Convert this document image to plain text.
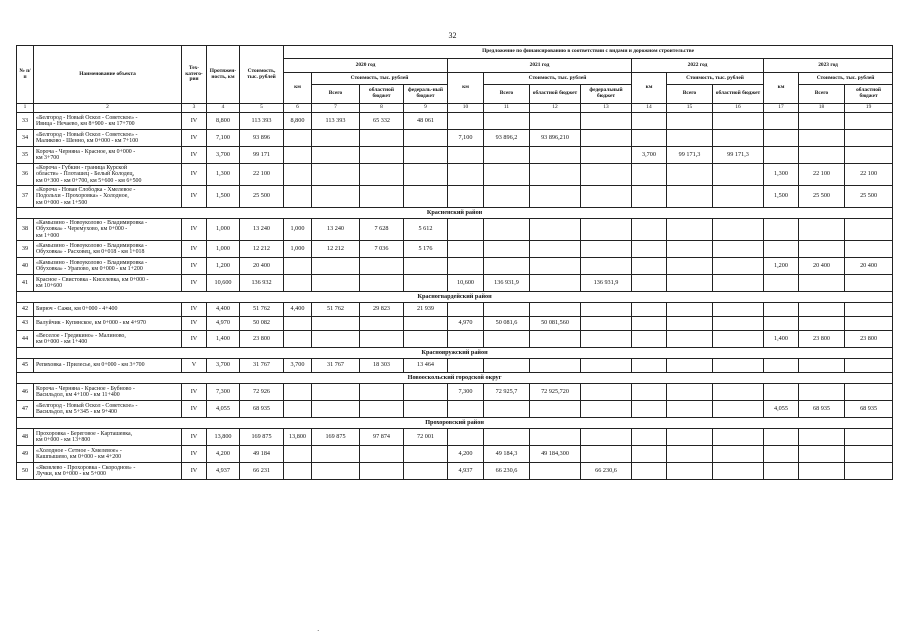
32
№ п/п	Наименование объекта	Тех-катего-рия	Протяжен-ность, км	Стоимость, тыс. рублей	Предложение по финансированию в соответствии с видами и дорожном строительстве														
					2020 год				2021 год				2022 год			2023 год			
					км	Стоимость, тыс. рублей			км	Стоимость, тыс. рублей			км	Стоимость, тыс. рублей		км	Стоимость, тыс. рублей		
						Всего	областной бюджет	федераль-ный бюджет		Всего	областной бюджет	федеральный бюджет		Всего	областной бюджет		Всего	областной бюджет	
1	2	3	4	5	6	7	8	9	10	11	12	13	14	15	16	17	18	19	
33	«Белгород - Новый Оскол - Советское» -
Ивица - Нечаево, км 8+900 - км 17+700	IV	8,800	113 393	8,800	113 393	65 332	48 061											
34	«Белгород - Новый Оскол - Советское» -
Маликово - Шенно, км 0+000 - км 7+100	IV	7,100	93 896					7,100	93 896,2	93 896,210								
35	Короча - Черняна - Красное, км 0+000 -
км 3+700	IV	3,700	99 171									3,700	99 171,3	99 171,3				
36	«Короча - Губкин - граница Курской
области» - Плоташец - Белый Колодец,
км 0+300 - км 0+700, км 5+600 - км 6+500	IV	1,300	22 100												1,300	22 100	22 100	
37	«Короча - Новая Слободка - Хмелевое -
Подольхи - Прохоровка» - Холодное,
км 0+000 - км 1+500	IV	1,500	25 500												1,500	25 500	25 500	
Красненский район																			
38	«Камызино - Новоуколово - Владимировка -
Обуховка» - Черемухово, км 0+000 -
км 1+000	IV	1,000	13 240	1,000	13 240	7 628	5 612											
39	«Камызино - Новоуколово - Владимировка -
Обуховка» - Расховец, км 0+018 - км 1+018	IV	1,000	12 212	1,000	12 212	7 036	5 176											
40	«Камызино - Новоуколово - Владимировка -
Обуховка» - Урапово, км 0+000 - км 1+200	IV	1,200	20 400												1,200	20 400	20 400	
41	Красное - Свистовка - Киселевка, км 0+000 -
км 10+600	IV	10,600	136 932					10,600	136 931,9		136 931,9							
Красногвардейский район																			
42	Бирюч - Сажи, км 0+000 - 4+400	IV	4,400	51 762	4,400	51 762	29 823	21 939											
43	Валуйчик - Купянское, км 0+000 - км 4+970	IV	4,970	50 082					4,970	50 081,6	50 081,560								
44	«Веселое - Гредякино» - Малиново,
км 0+000 - км 1+400	IV	1,400	23 800												1,400	23 800	23 800	
Краснояружский район																			
45	Репяховка - Прилесье, км 0+000 - км 3+700	V	3,700	31 767	3,700	31 767	18 303	13 464											
Новооскольский городской округ																			
46	Короча - Черняна - Красное - Бубново -
Васильдол, км 4+100 - км 11+400	IV	7,300	72 926					7,300	72 925,7	72 925,720								
47	«Белгород - Новый Оскол - Советское» -
Васильдол, км 5+345 - км 9+400	IV	4,055	68 935												4,055	68 935	68 935	
Прохоровский район																			
48	Прохоровка - Береговое - Карташевка,
км 0+000 - км 13+800	IV	13,800	169 875	13,800	169 875	97 874	72 001											
49	«Холодное - Сетное - Хмелевое» -
Кашпышево, км 0+000 - км 4+200	IV	4,200	49 184					4,200	49 184,3	49 184,300								
50	«Яковлево - Прохоровка - Скороднов» -
Лучки, км 0+000 - км 5+000	IV	4,937	66 231					4,937	66 230,6		66 230,6							
·
